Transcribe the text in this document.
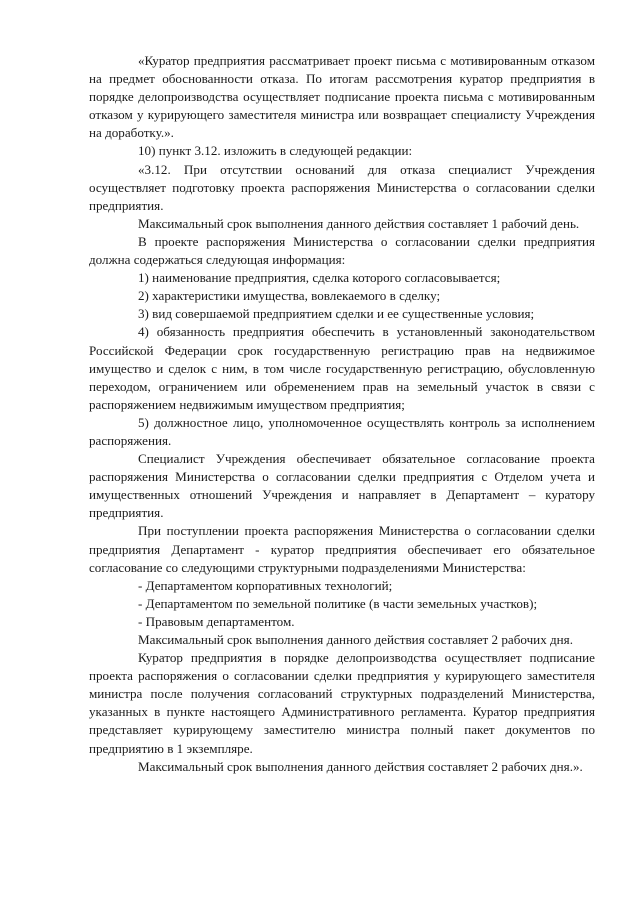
«Куратор предприятия рассматривает проект письма с мотивированным отказом на предмет обоснованности отказа. По итогам рассмотрения куратор предприятия в порядке делопроизводства осуществляет подписание проекта письма с мотивированным отказом у курирующего заместителя министра или возвращает специалисту Учреждения на доработку.».

10) пункт 3.12. изложить в следующей редакции:

«3.12. При отсутствии оснований для отказа специалист Учреждения осуществляет подготовку проекта распоряжения Министерства о согласовании сделки предприятия.

Максимальный срок выполнения данного действия составляет 1 рабочий день.

В проекте распоряжения Министерства о согласовании сделки предприятия должна содержаться следующая информация:

1) наименование предприятия, сделка которого согласовывается;

2) характеристики имущества, вовлекаемого в сделку;

3) вид совершаемой предприятием сделки и ее существенные условия;

4) обязанность предприятия обеспечить в установленный законодательством Российской Федерации срок государственную регистрацию прав на недвижимое имущество и сделок с ним, в том числе государственную регистрацию, обусловленную переходом, ограничением или обременением прав на земельный участок в связи с распоряжением недвижимым имуществом предприятия;

5) должностное лицо, уполномоченное осуществлять контроль за исполнением распоряжения.

Специалист Учреждения обеспечивает обязательное согласование проекта распоряжения Министерства о согласовании сделки предприятия с Отделом учета и имущественных отношений Учреждения и направляет в Департамент – куратору предприятия.

При поступлении проекта распоряжения Министерства о согласовании сделки предприятия Департамент - куратор предприятия обеспечивает его обязательное согласование со следующими структурными подразделениями Министерства:

- Департаментом корпоративных технологий;

- Департаментом по земельной политике (в части земельных участков);

- Правовым департаментом.

Максимальный срок выполнения данного действия составляет 2 рабочих дня.

Куратор предприятия в порядке делопроизводства осуществляет подписание проекта распоряжения о согласовании сделки предприятия у курирующего заместителя министра после получения согласований структурных подразделений Министерства, указанных в пункте настоящего Административного регламента. Куратор предприятия представляет курирующему заместителю министра полный пакет документов по предприятию в 1 экземпляре.

Максимальный срок выполнения данного действия составляет 2 рабочих дня.».
